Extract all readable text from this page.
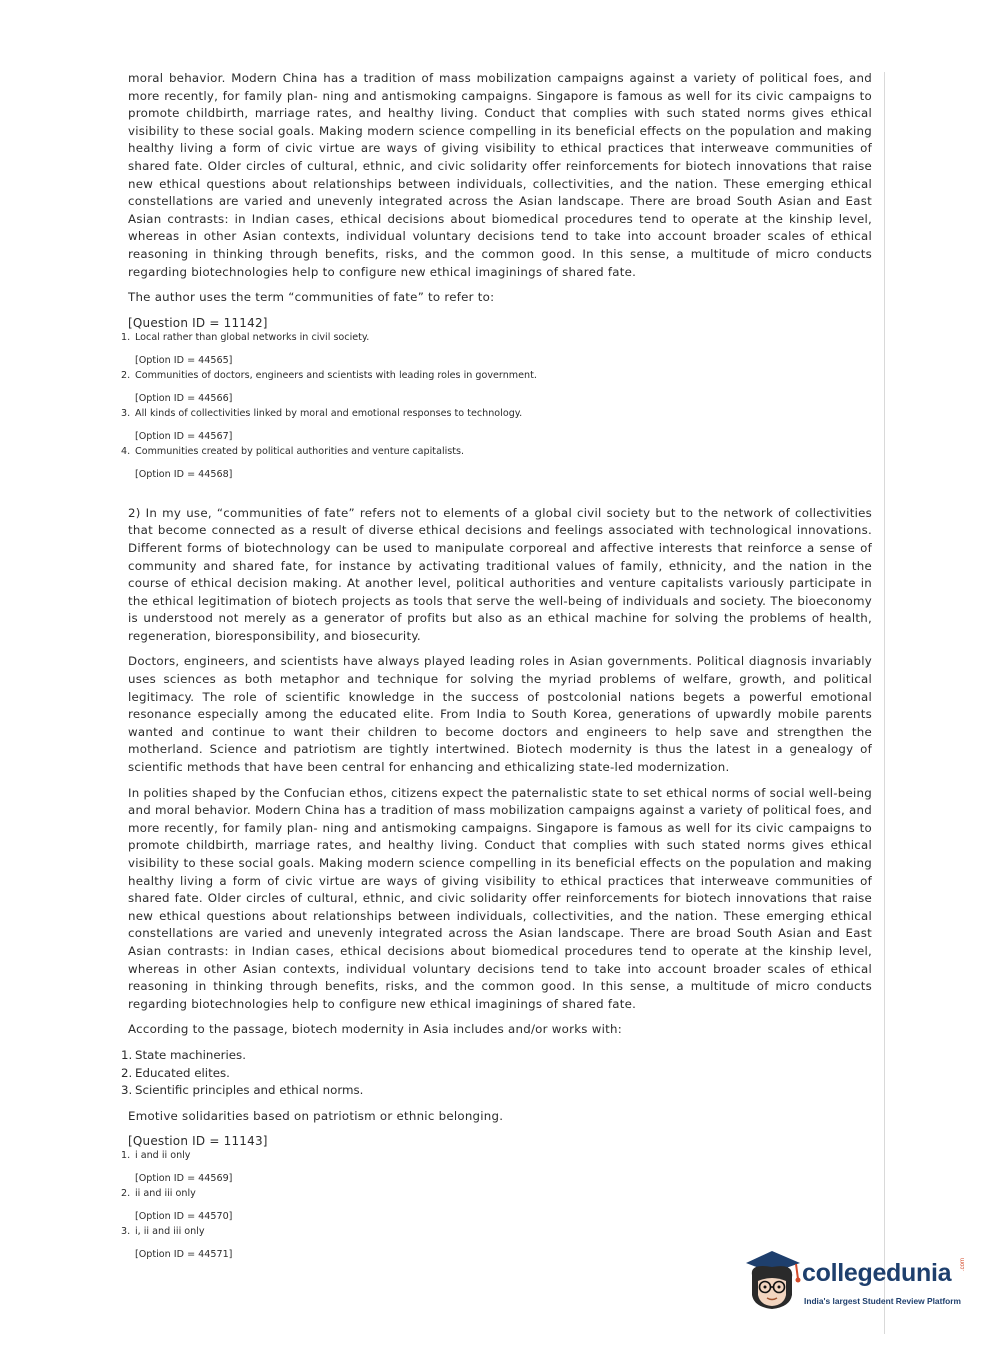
moral behavior. Modern China has a tradition of mass mobilization campaigns against a variety of political foes, and more recently, for family plan- ning and antismoking campaigns. Singapore is famous as well for its civic campaigns to promote childbirth, marriage rates, and healthy living. Conduct that complies with such stated norms gives ethical visibility to these social goals. Making modern science compelling in its beneficial effects on the population and making healthy living a form of civic virtue are ways of giving visibility to ethical practices that interweave communities of shared fate. Older circles of cultural, ethnic, and civic solidarity offer reinforcements for biotech innovations that raise new ethical questions about relationships between individuals, collectivities, and the nation. These emerging ethical constellations are varied and unevenly integrated across the Asian landscape. There are broad South Asian and East Asian contrasts: in Indian cases, ethical decisions about biomedical procedures tend to operate at the kinship level, whereas in other Asian contexts, individual voluntary decisions tend to take into account broader scales of ethical reasoning in thinking through benefits, risks, and the common good. In this sense, a multitude of micro conducts regarding biotechnologies help to configure new ethical imaginings of shared fate.

The author uses the term “communities of fate” to refer to:

[Question ID = 11142]

1. Local rather than global networks in civil society.
[Option ID = 44565]
2. Communities of doctors, engineers and scientists with leading roles in government.
[Option ID = 44566]
3. All kinds of collectivities linked by moral and emotional responses to technology.
[Option ID = 44567]
4. Communities created by political authorities and venture capitalists.
[Option ID = 44568]

2) In my use, “communities of fate” refers not to elements of a global civil society but to the network of collectivities that become connected as a result of diverse ethical decisions and feelings associated with technological innovations. Different forms of biotechnology can be used to manipulate corporeal and affective interests that reinforce a sense of community and shared fate, for instance by activating traditional values of family, ethnicity, and the nation in the course of ethical decision making. At another level, political authorities and venture capitalists variously participate in the ethical legitimation of biotech projects as tools that serve the well-being of individuals and society. The bioeconomy is understood not merely as a generator of profits but also as an ethical machine for solving the problems of health, regeneration, bioresponsibility, and biosecurity.

Doctors, engineers, and scientists have always played leading roles in Asian governments. Political diagnosis invariably uses sciences as both metaphor and technique for solving the myriad problems of welfare, growth, and political legitimacy. The role of scientific knowledge in the success of postcolonial nations begets a powerful emotional resonance especially among the educated elite. From India to South Korea, generations of upwardly mobile parents wanted and continue to want their children to become doctors and engineers to help save and strengthen the motherland. Science and patriotism are tightly intertwined. Biotech modernity is thus the latest in a genealogy of scientific methods that have been central for enhancing and ethicalizing state-led modernization.

In polities shaped by the Confucian ethos, citizens expect the paternalistic state to set ethical norms of social well-being and moral behavior. Modern China has a tradition of mass mobilization campaigns against a variety of political foes, and more recently, for family plan- ning and antismoking campaigns. Singapore is famous as well for its civic campaigns to promote childbirth, marriage rates, and healthy living. Conduct that complies with such stated norms gives ethical visibility to these social goals. Making modern science compelling in its beneficial effects on the population and making healthy living a form of civic virtue are ways of giving visibility to ethical practices that interweave communities of shared fate. Older circles of cultural, ethnic, and civic solidarity offer reinforcements for biotech innovations that raise new ethical questions about relationships between individuals, collectivities, and the nation. These emerging ethical constellations are varied and unevenly integrated across the Asian landscape. There are broad South Asian and East Asian contrasts: in Indian cases, ethical decisions about biomedical procedures tend to operate at the kinship level, whereas in other Asian contexts, individual voluntary decisions tend to take into account broader scales of ethical reasoning in thinking through benefits, risks, and the common good. In this sense, a multitude of micro conducts regarding biotechnologies help to configure new ethical imaginings of shared fate.

According to the passage, biotech modernity in Asia includes and/or works with:

1. State machineries.
2. Educated elites.
3. Scientific principles and ethical norms.

Emotive solidarities based on patriotism or ethnic belonging.

[Question ID = 11143]

1. i and ii only
[Option ID = 44569]
2. ii and iii only
[Option ID = 44570]
3. i, ii and iii only
[Option ID = 44571]
collegedunia .com
India's largest Student Review Platform
